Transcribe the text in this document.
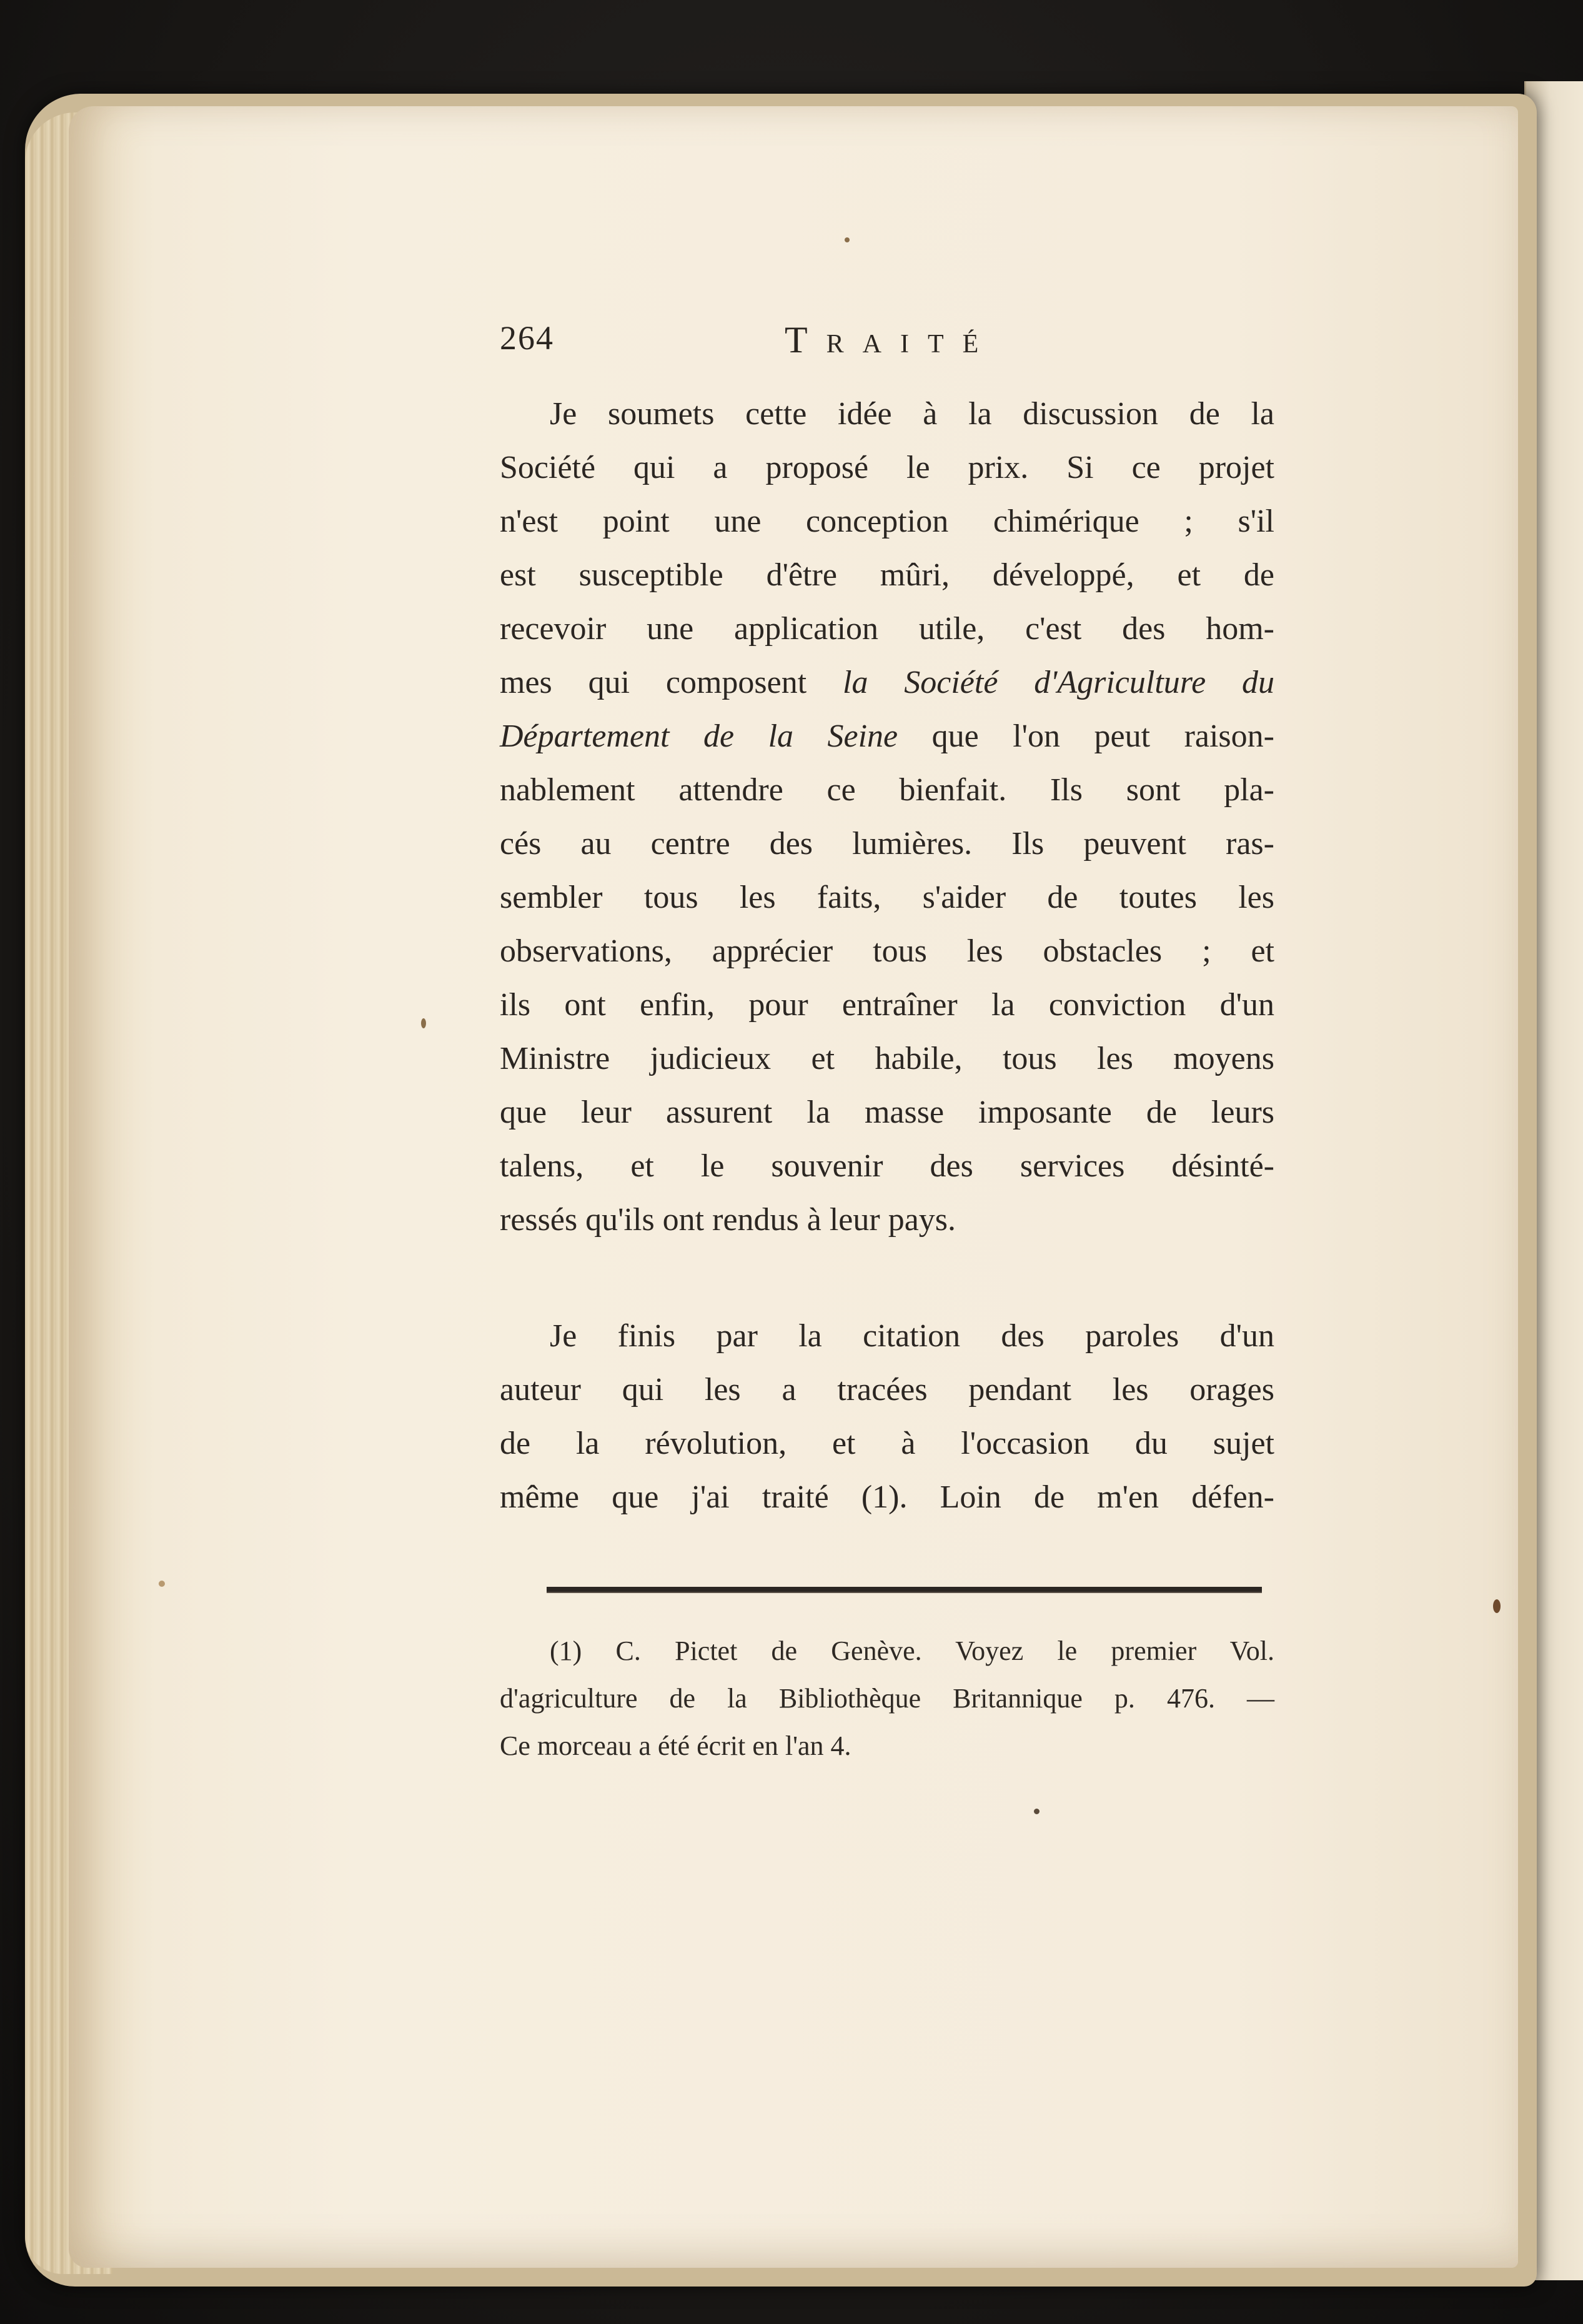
264	Traité
Je soumets cette idée à la discussion de la
Société qui a proposé le prix. Si ce projet
n'est point une conception chimérique ; s'il
est susceptible d'être mûri, développé, et de
recevoir une application utile, c'est des hom-
mes qui composent la Société d'Agriculture du
Département de la Seine que l'on peut raison-
nablement attendre ce bienfait. Ils sont pla-
cés au centre des lumières. Ils peuvent ras-
sembler tous les faits, s'aider de toutes les
observations, apprécier tous les obstacles ; et
ils ont enfin, pour entraîner la conviction d'un
Ministre judicieux et habile, tous les moyens
que leur assurent la masse imposante de leurs
talens, et le souvenir des services désinté-
ressés qu'ils ont rendus à leur pays.
Je finis par la citation des paroles d'un
auteur qui les a tracées pendant les orages
de la révolution, et à l'occasion du sujet
même que j'ai traité (1). Loin de m'en défen-
(1) C. Pictet de Genève. Voyez le premier Vol.
d'agriculture de la Bibliothèque Britannique p. 476. —
Ce morceau a été écrit en l'an 4.
